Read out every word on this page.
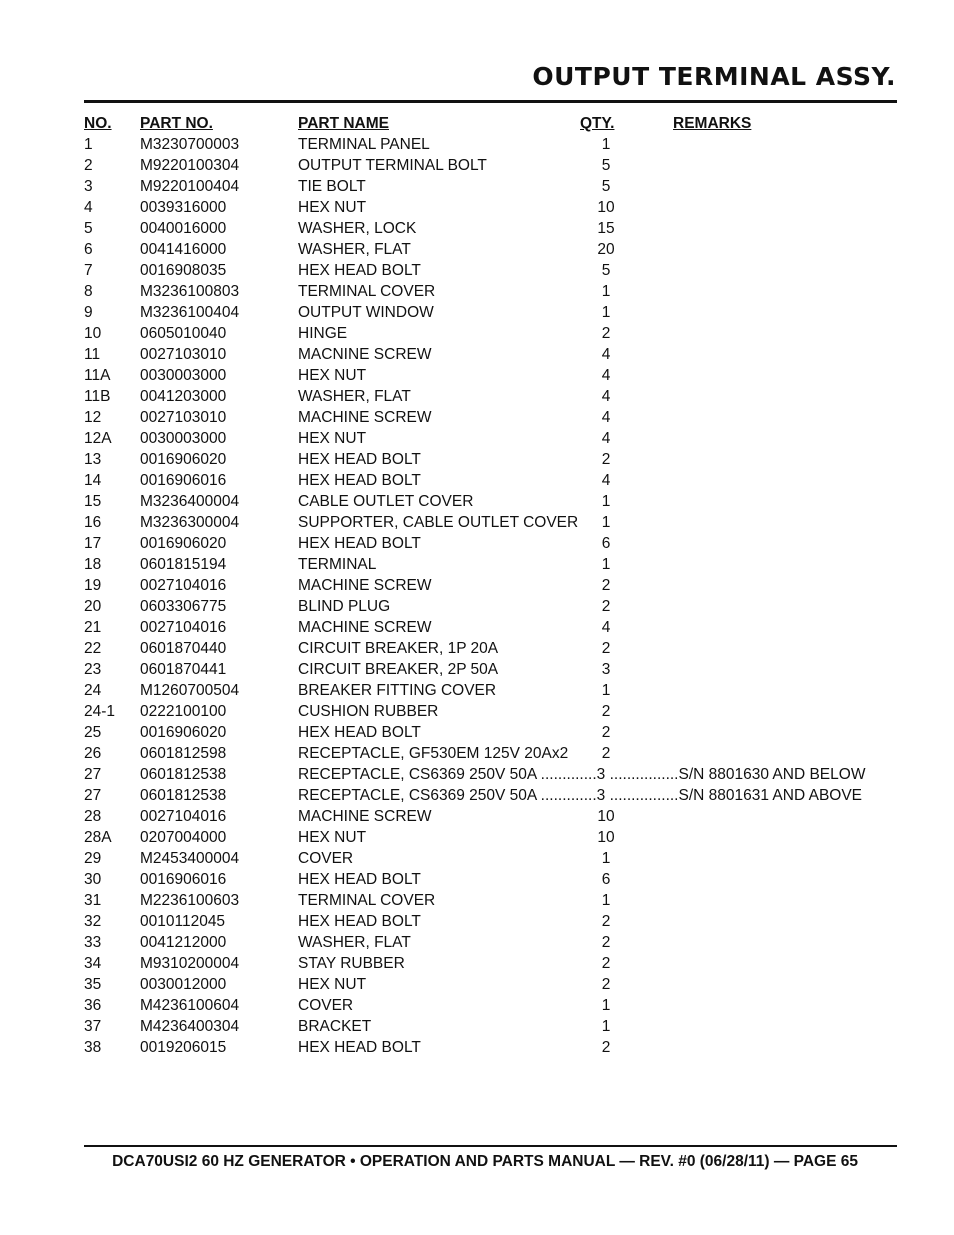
OUTPUT TERMINAL ASSY.
NO. PART NO.	PART NAME	QTY.	REMARKS
1	M3230700003	TERMINAL PANEL	1
2	M9220100304	OUTPUT TERMINAL BOLT	5
3	M9220100404	TIE BOLT	5
4	0039316000	HEX NUT	10
5	0040016000	WASHER, LOCK	15
6	0041416000	WASHER, FLAT	20
7	0016908035	HEX HEAD BOLT	5
8	M3236100803	TERMINAL COVER	1
9	M3236100404	OUTPUT WINDOW	1
10	0605010040	HINGE	2
11	0027103010	MACNINE SCREW	4
11A 0030003000	HEX NUT	4
11B 0041203000	WASHER, FLAT	4
12	0027103010	MACHINE SCREW	4
12A 0030003000	HEX NUT	4
13	0016906020	HEX HEAD BOLT	2
14	0016906016	HEX HEAD BOLT	4
15	M3236400004	CABLE OUTLET COVER	1
16	M3236300004	SUPPORTER, CABLE OUTLET COVER	1
17	0016906020	HEX HEAD BOLT	6
18	0601815194	TERMINAL	1
19	0027104016	MACHINE SCREW	2
20	0603306775	BLIND PLUG	2
21	0027104016	MACHINE SCREW	4
22	0601870440	CIRCUIT BREAKER, 1P 20A	2
23	0601870441	CIRCUIT BREAKER, 2P 50A	3
24	M1260700504	BREAKER FITTING COVER	1
24-1 0222100100	CUSHION RUBBER	2
25	0016906020	HEX HEAD BOLT	2
26	0601812598	RECEPTACLE, GF530EM 125V 20Ax2	2
27	0601812538	RECEPTACLE, CS6369 250V 50A .............3 ................S/N 8801630 AND BELOW
27	0601812538	RECEPTACLE, CS6369 250V 50A .............3 ................S/N 8801631 AND ABOVE
28	0027104016	MACHINE SCREW	10
28A 0207004000	HEX NUT	10
29	M2453400004	COVER	1
30	0016906016	HEX HEAD BOLT	6
31	M2236100603	TERMINAL COVER	1
32	0010112045	HEX HEAD BOLT	2
33	0041212000	WASHER, FLAT	2
34	M9310200004	STAY RUBBER	2
35	0030012000	HEX NUT	2
36	M4236100604	COVER	1
37	M4236400304	BRACKET	1
38	0019206015	HEX HEAD BOLT	2
DCA70USI2 60 HZ GENERATOR • OPERATION AND PARTS MANUAL — REV. #0 (06/28/11) — PAGE 65
